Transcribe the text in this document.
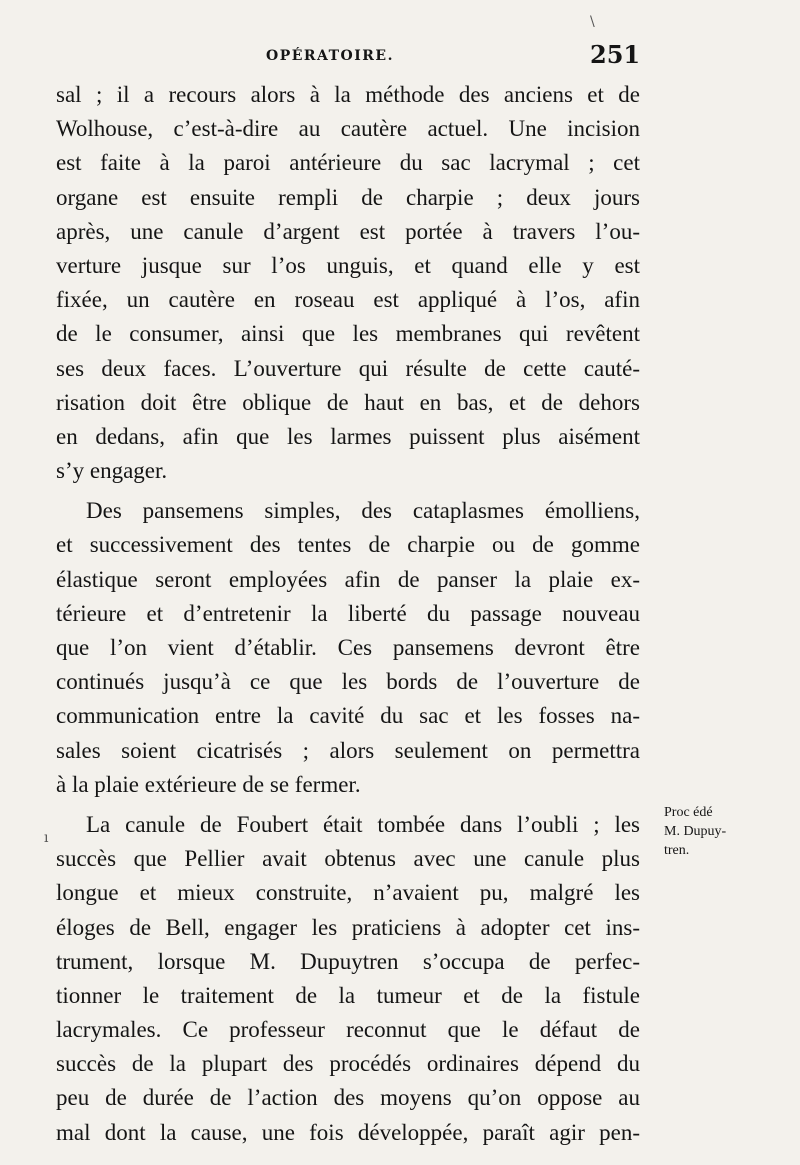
\
OPÉRATOIRE.	251
sal ; il a recours alors à la méthode des anciens et de
Wolhouse, c’est-à-dire au cautère actuel. Une incision
est faite à la paroi antérieure du sac lacrymal ; cet
organe est ensuite rempli de charpie ; deux jours
après, une canule d’argent est portée à travers l’ou-
verture jusque sur l’os unguis, et quand elle y est
fixée, un cautère en roseau est appliqué à l’os, afin
de le consumer, ainsi que les membranes qui revêtent
ses deux faces. L’ouverture qui résulte de cette cauté-
risation doit être oblique de haut en bas, et de dehors
en dedans, afin que les larmes puissent plus aisément
s’y engager.
Des pansemens simples, des cataplasmes émolliens,
et successivement des tentes de charpie ou de gomme
élastique seront employées afin de panser la plaie ex-
térieure et d’entretenir la liberté du passage nouveau
que l’on vient d’établir. Ces pansemens devront être
continués jusqu’à ce que les bords de l’ouverture de
communication entre la cavité du sac et les fosses na-
sales soient cicatrisés ; alors seulement on permettra
à la plaie extérieure de se fermer.
La canule de Foubert était tombée dans l’oubli ; les
succès que Pellier avait obtenus avec une canule plus
longue et mieux construite, n’avaient pu, malgré les
éloges de Bell, engager les praticiens à adopter cet ins-
trument, lorsque M. Dupuytren s’occupa de perfec-
tionner le traitement de la tumeur et de la fistule
lacrymales. Ce professeur reconnut que le défaut de
succès de la plupart des procédés ordinaires dépend du
peu de durée de l’action des moyens qu’on oppose au
mal dont la cause, une fois développée, paraît agir pen-
Proc édé
M. Dupuy-
tren.
ı
